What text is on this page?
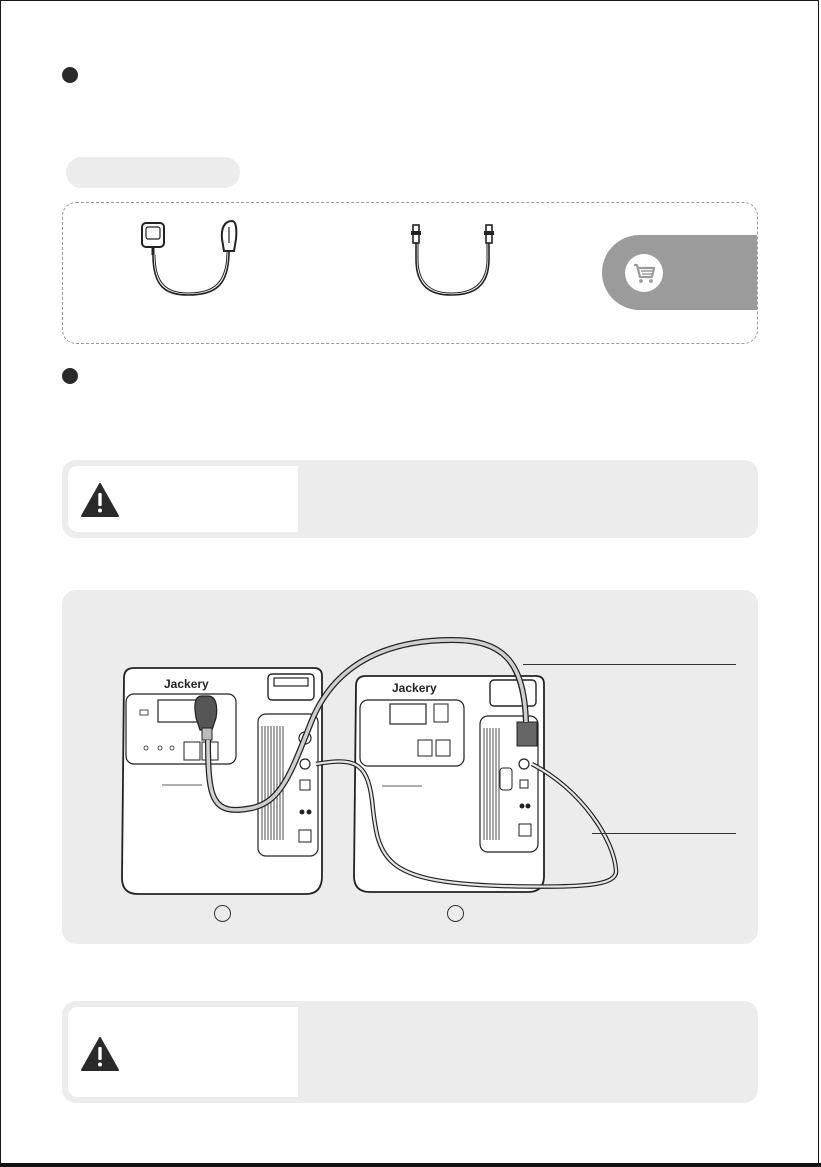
Jackery	Jackery
